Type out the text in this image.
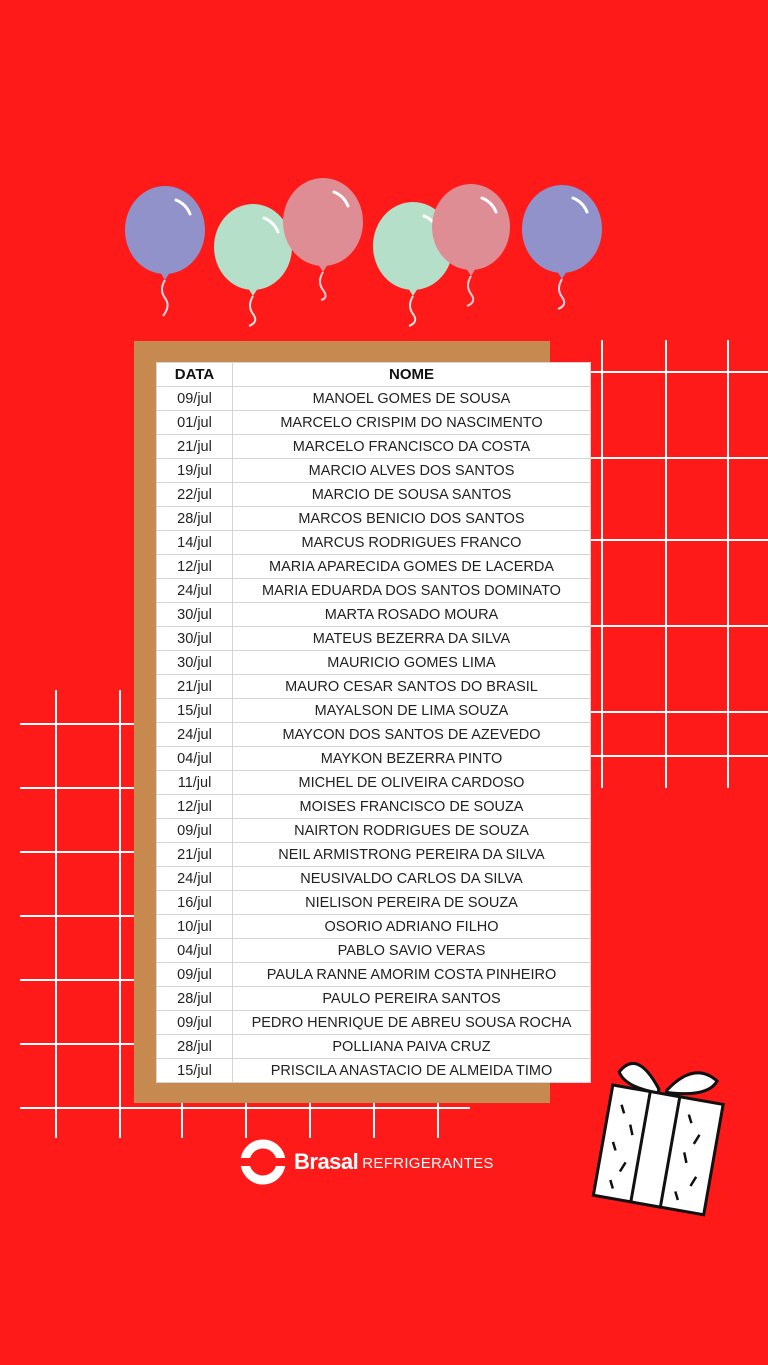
DATA	NOME
09/jul	MANOEL GOMES DE SOUSA
01/jul	MARCELO CRISPIM DO NASCIMENTO
21/jul	MARCELO FRANCISCO DA COSTA
19/jul	MARCIO ALVES DOS SANTOS
22/jul	MARCIO DE SOUSA SANTOS
28/jul	MARCOS BENICIO DOS SANTOS
14/jul	MARCUS RODRIGUES FRANCO
12/jul	MARIA APARECIDA GOMES DE LACERDA
24/jul	MARIA EDUARDA DOS SANTOS DOMINATO
30/jul	MARTA ROSADO MOURA
30/jul	MATEUS BEZERRA DA SILVA
30/jul	MAURICIO GOMES LIMA
21/jul	MAURO CESAR SANTOS DO BRASIL
15/jul	MAYALSON DE LIMA SOUZA
24/jul	MAYCON DOS SANTOS DE AZEVEDO
04/jul	MAYKON BEZERRA PINTO
11/jul	MICHEL DE OLIVEIRA CARDOSO
12/jul	MOISES FRANCISCO DE SOUZA
09/jul	NAIRTON RODRIGUES DE SOUZA
21/jul	NEIL ARMISTRONG PEREIRA DA SILVA
24/jul	NEUSIVALDO CARLOS DA SILVA
16/jul	NIELISON PEREIRA DE SOUZA
10/jul	OSORIO ADRIANO FILHO
04/jul	PABLO SAVIO VERAS
09/jul	PAULA RANNE AMORIM COSTA PINHEIRO
28/jul	PAULO PEREIRA SANTOS
09/jul	PEDRO HENRIQUE DE ABREU SOUSA ROCHA
28/jul	POLLIANA PAIVA CRUZ
15/jul	PRISCILA ANASTACIO DE ALMEIDA TIMO
Brasal REFRIGERANTES
